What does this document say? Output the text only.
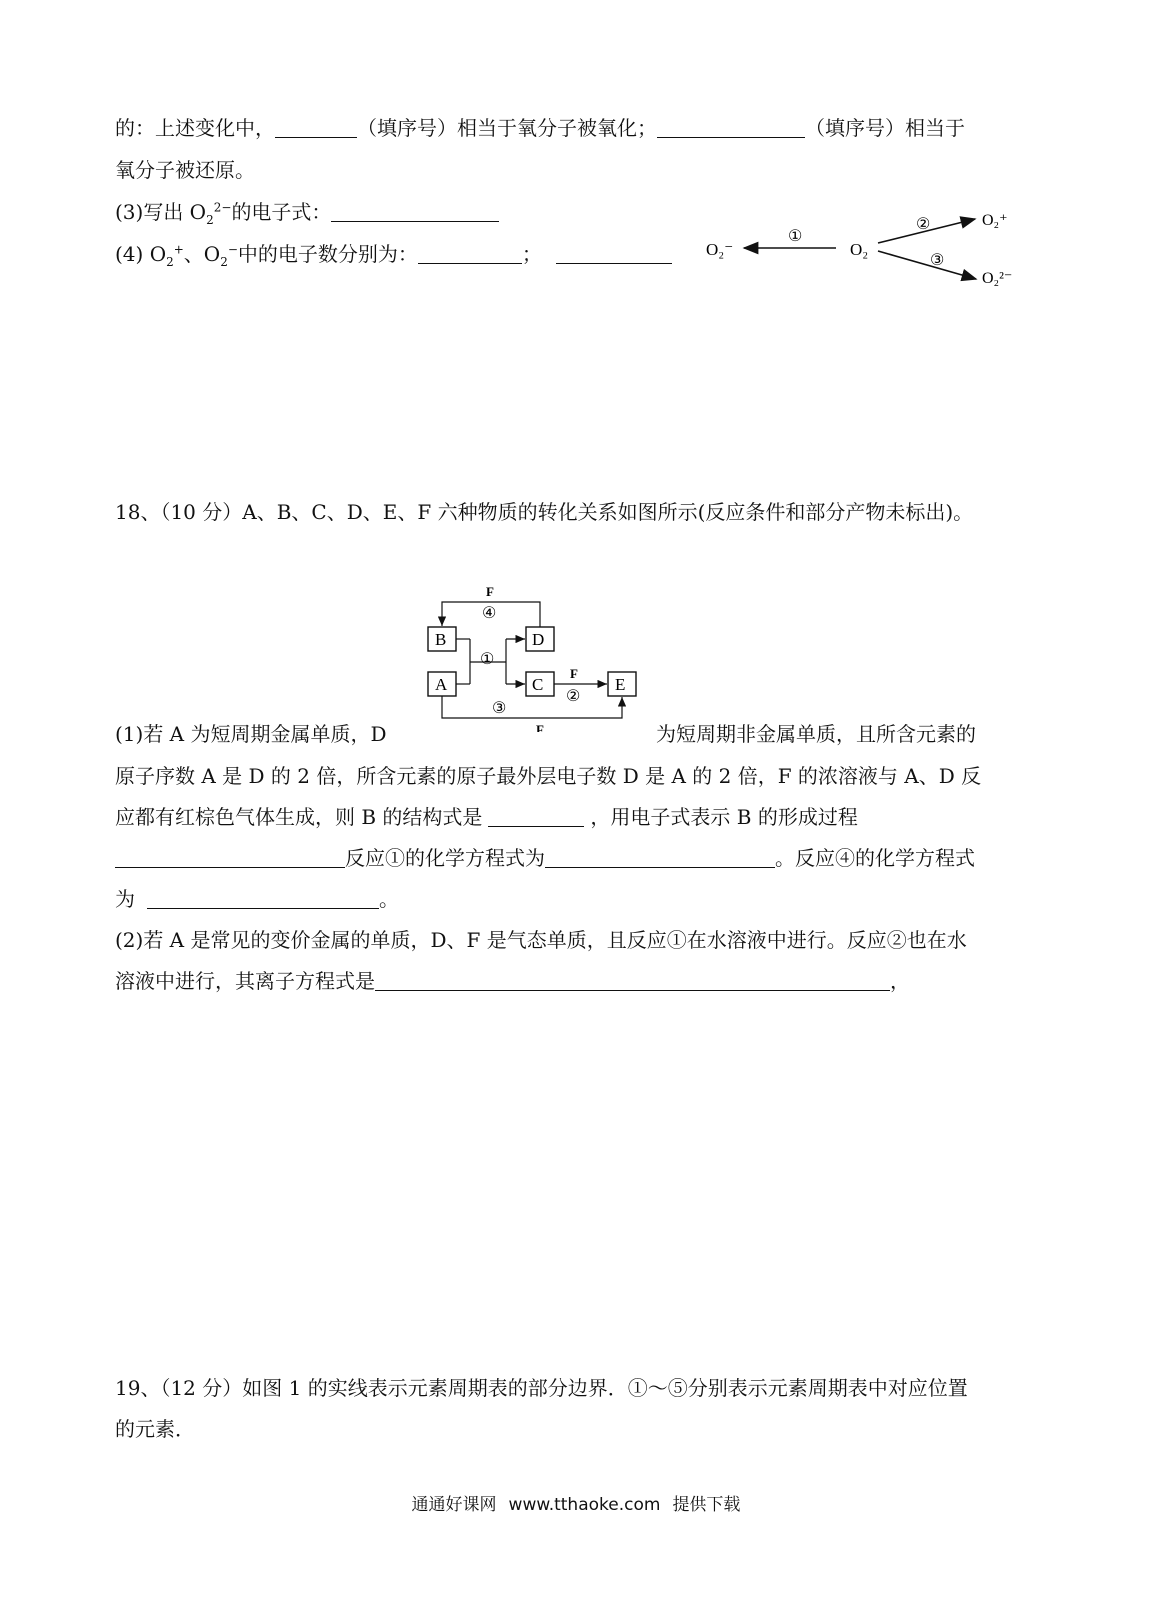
的：上述变化中，	（填序号）相当于氧分子被氧化；	（填序号）相当于
氧分子被还原。
(3)写出 $O_2^{2-}$的电子式：
(4) $O_2^+$、$O_2^-$中的电子数分别为：	；	O₂⁻
①
O₂
②	O₂⁺
③
O₂²⁻
18、（10 分）A、B、C、D、E、F 六种物质的转化关系如图所示(反应条件和部分产物未标出)。
B	D
A	C	E
F
④
①
F
②
③
F
(1)若 A 为短周期金属单质，D	为短周期非金属单质，且所含元素的
原子序数 A 是 D 的 2 倍，所含元素的原子最外层电子数 D 是 A 的 2 倍，F 的浓溶液与 A、D 反
应都有红棕色气体生成，则 B 的结构式是	，用电子式表示 B 的形成过程
反应①的化学方程式为	。反应④的化学方程式
为	。
(2)若 A 是常见的变价金属的单质，D、F 是气态单质，且反应①在水溶液中进行。反应②也在水
溶液中进行，其离子方程式是	，
19、（12 分）如图 1 的实线表示元素周期表的部分边界．①～⑤分别表示元素周期表中对应位置
的元素．
通通好课网 www.tthaoke.com 提供下载
